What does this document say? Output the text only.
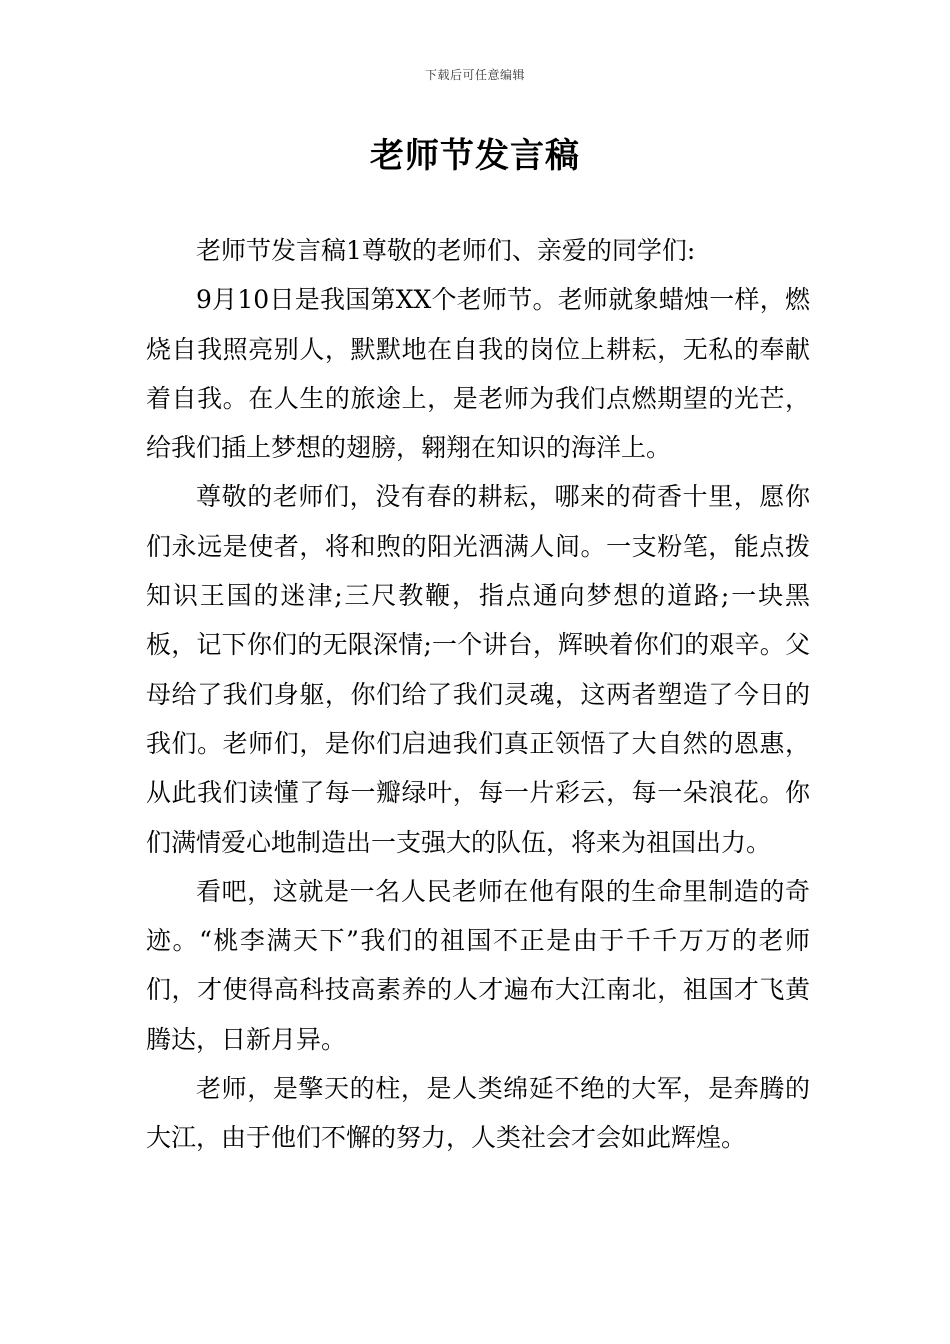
下载后可任意编辑
老师节发言稿

老师节发言稿1尊敬的老师们、亲爱的同学们:

9月10日是我国第XX个老师节。老师就象蜡烛一样，燃烧自我照亮别人，默默地在自我的岗位上耕耘，无私的奉献着自我。在人生的旅途上，是老师为我们点燃期望的光芒，给我们插上梦想的翅膀，翱翔在知识的海洋上。

尊敬的老师们，没有春的耕耘，哪来的荷香十里，愿你们永远是使者，将和煦的阳光洒满人间。一支粉笔，能点拨知识王国的迷津;三尺教鞭，指点通向梦想的道路;一块黑板，记下你们的无限深情;一个讲台，辉映着你们的艰辛。父母给了我们身躯，你们给了我们灵魂，这两者塑造了今日的我们。老师们，是你们启迪我们真正领悟了大自然的恩惠，从此我们读懂了每一瓣绿叶，每一片彩云，每一朵浪花。你们满情爱心地制造出一支强大的队伍，将来为祖国出力。

看吧，这就是一名人民老师在他有限的生命里制造的奇迹。“桃李满天下”我们的祖国不正是由于千千万万的老师们，才使得高科技高素养的人才遍布大江南北，祖国才飞黄腾达，日新月异。

老师，是擎天的柱，是人类绵延不绝的大军，是奔腾的大江，由于他们不懈的努力，人类社会才会如此辉煌。
